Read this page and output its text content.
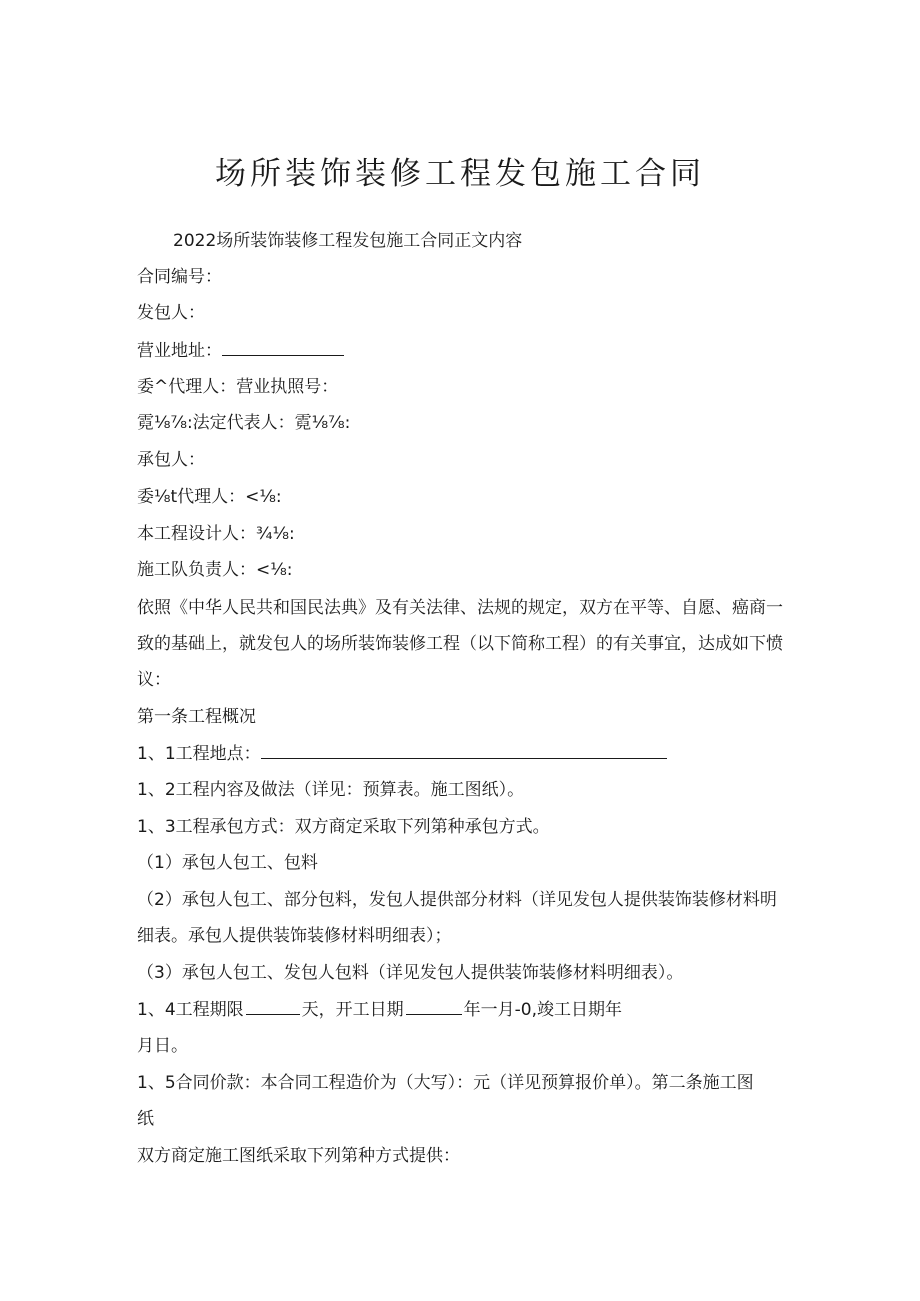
场所装饰装修工程发包施工合同
2022场所装饰装修工程发包施工合同正文内容
合同编号：
发包人：
营业地址：
委^代理人：营业执照号：
霓⅛⅞:法定代表人：霓⅛⅞:
承包人：
委⅛t代理人：<⅛:
本工程设计人：¾⅛:
施工队负责人：<⅛:
依照《中华人民共和国民法典》及有关法律、法规的规定，双方在平等、自愿、癌商一
致的基础上，就发包人的场所装饰装修工程（以下简称工程）的有关事宜，达成如下愤
议：
第一条工程概况
1、1工程地点：
1、2工程内容及做法（详见：预算表。施工图纸）。
1、3工程承包方式：双方商定采取下列第种承包方式。
（1）承包人包工、包料
（2）承包人包工、部分包料，发包人提供部分材料（详见发包人提供装饰装修材料明
细表。承包人提供装饰装修材料明细表）；
（3）承包人包工、发包人包料（详见发包人提供装饰装修材料明细表）。
1、4工程期限	天，开工日期	年一月-0,竣工日期年
月日。
1、5合同价款：本合同工程造价为（大写）：元（详见预算报价单）。第二条施工图
纸
双方商定施工图纸采取下列第种方式提供：
